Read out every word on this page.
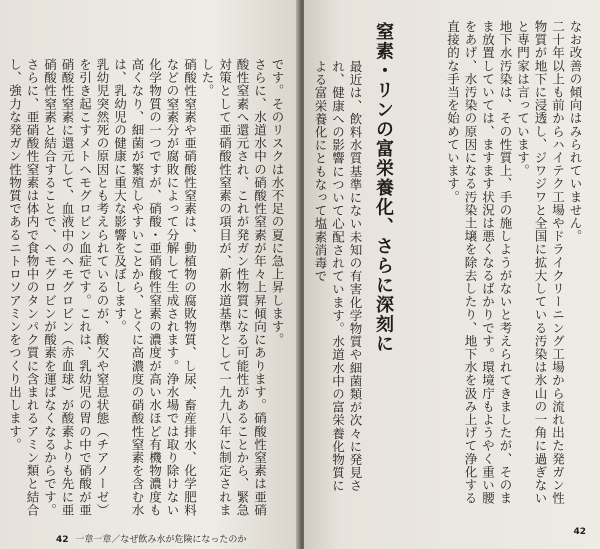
です。そのリスクは水不足の夏に急上昇します。
さらに、水道水中の硝酸性窒素が年々上昇傾向にあります。硝酸性窒素は亜硝酸性窒素へ還元され、これが発ガン性物質になる可能性があることから、緊急対策として亜硝酸性窒素の項目が、新水道基準として一九九八年に制定されました。
硝酸性窒素や亜硝酸性窒素は、動植物の腐敗物質、し尿、畜産排水、化学肥料などの窒素分が腐敗によって分解して生成されます。浄水場では取り除けない化学物質の一つですが、硝酸・亜硝酸性窒素の濃度が高い水ほど有機物濃度も高くなり、細菌が繁殖しやすいことから、とくに高濃度の硝酸性窒素を含む水は、乳幼児の健康に重大な影響を及ぼします。
乳幼児突然死の原因とも考えられているのが、酸欠や窒息状態（チアノーゼ）を引き起こすメトヘモグロビン血症です。これは、乳幼児の胃の中で硝酸が亜硝酸性窒素に還元して、血液中のヘモグロビン（赤血球）が酸素よりも先に亜硝酸性窒素と結合することで、ヘモグロビンが酸素を運ばなくなるからです。さらに、亜硝酸性窒素は体内で食物中のタンパク質に含まれるアミン類と結合し、強力な発ガン性物質であるニトロソアミンをつくり出します。
42 一章一章／なぜ飲み水が危険になったのか
なお改善の傾向はみられていません。
二十年以上も前からハイテク工場やドライクリーニング工場から流れ出た発ガン性物質が地下に浸透し、ジワジワと全国に拡大している汚染は氷山の一角に過ぎないと専門家は言っています。
地下水汚染は、その性質上、手の施しようがないと考えられてきましたが、そのまま放置していては、ますます状況は悪くなるばかりです。環境庁もようやく重い腰をあげ、水汚染の原因になる汚染土壌を除去したり、地下水を汲み上げて浄化する直接的な手当を始めています。
窒素・リンの富栄養化、さらに深刻に
最近は、飲料水質基準にない未知の有害化学物質や細菌類が次々に発見され、健康への影響について心配されています。水道水中の富栄養化物質による富栄養化にともなって塩素消毒で
42
